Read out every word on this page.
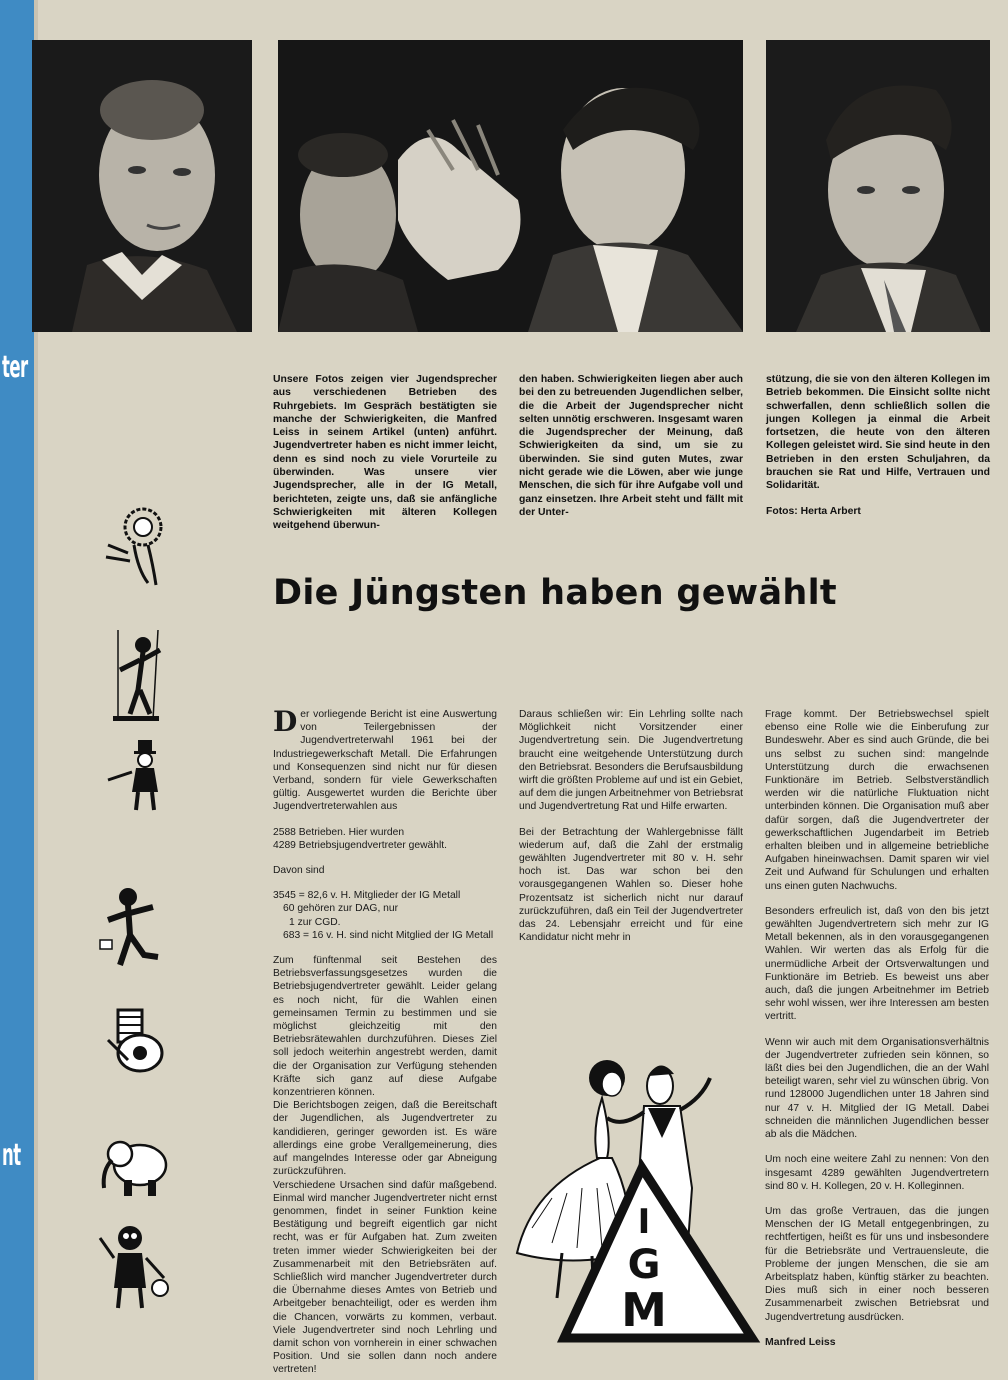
ter
nt
Unsere Fotos zeigen vier Jugendsprecher aus verschiedenen Betrieben des Ruhrgebiets. Im Gespräch bestätigten sie manche der Schwierigkeiten, die Manfred Leiss in seinem Artikel (unten) anführt. Jugendvertreter haben es nicht immer leicht, denn es sind noch zu viele Vorurteile zu überwinden. Was unsere vier Jugendsprecher, alle in der IG Metall, berichteten, zeigte uns, daß sie anfängliche Schwierigkeiten mit älteren Kollegen weitgehend überwun-
den haben. Schwierigkeiten liegen aber auch bei den zu betreuenden Jugendlichen selber, die die Arbeit der Jugendsprecher nicht selten unnötig erschweren. Insgesamt waren die Jugendsprecher der Meinung, daß Schwierigkeiten da sind, um sie zu überwinden. Sie sind guten Mutes, zwar nicht gerade wie die Löwen, aber wie junge Menschen, die sich für ihre Aufgabe voll und ganz einsetzen. Ihre Arbeit steht und fällt mit der Unter-
stützung, die sie von den älteren Kollegen im Betrieb bekommen. Die Einsicht sollte nicht schwerfallen, denn schließlich sollen die jungen Kollegen ja einmal die Arbeit fortsetzen, die heute von den älteren Kollegen geleistet wird. Sie sind heute in den Betrieben in den ersten Schuljahren, da brauchen sie Rat und Hilfe, Vertrauen und Solidarität.
Fotos: Herta Arbert
Die Jüngsten haben gewählt

Der vorliegende Bericht ist eine Auswertung von Teilergebnissen der Jugendvertreterwahl 1961 bei der Industriegewerkschaft Metall. Die Erfahrungen und Konsequenzen sind nicht nur für diesen Verband, sondern für viele Gewerkschaften gültig. Ausgewertet wurden die Berichte über Jugendvertreterwahlen aus

2588 Betrieben. Hier wurden

4289 Betriebsjugendvertreter gewählt.

Davon sind

3545 = 82,6 v. H. Mitglieder der IG Metall

60 gehören zur DAG, nur

1 zur CGD.

683 = 16 v. H. sind nicht Mitglied der IG Metall

Zum fünftenmal seit Bestehen des Betriebsverfassungsgesetzes wurden die Betriebsjugendvertreter gewählt. Leider gelang es noch nicht, für die Wahlen einen gemeinsamen Termin zu bestimmen und sie möglichst gleichzeitig mit den Betriebsrätewahlen durchzuführen. Dieses Ziel soll jedoch weiterhin angestrebt werden, damit die der Organisation zur Verfügung stehenden Kräfte sich ganz auf diese Aufgabe konzentrieren können.

Die Berichtsbogen zeigen, daß die Bereitschaft der Jugendlichen, als Jugendvertreter zu kandidieren, geringer geworden ist. Es wäre allerdings eine grobe Verallgemeinerung, dies auf mangelndes Interesse oder gar Abneigung zurückzuführen.

Verschiedene Ursachen sind dafür maßgebend. Einmal wird mancher Jugendvertreter nicht ernst genommen, findet in seiner Funktion keine Bestätigung und begreift eigentlich gar nicht recht, was er für Aufgaben hat. Zum zweiten treten immer wieder Schwierigkeiten bei der Zusammenarbeit mit den Betriebsräten auf. Schließlich wird mancher Jugendvertreter durch die Übernahme dieses Amtes von Betrieb und Arbeitgeber benachteiligt, oder es werden ihm die Chancen, vorwärts zu kommen, verbaut. Viele Jugendvertreter sind noch Lehrling und damit schon von vornherein in einer schwachen Position. Und sie sollen dann noch andere vertreten!

Daraus schließen wir: Ein Lehrling sollte nach Möglichkeit nicht Vorsitzender einer Jugendvertretung sein. Die Jugendvertretung braucht eine weitgehende Unterstützung durch den Betriebsrat. Besonders die Berufsausbildung wirft die größten Probleme auf und ist ein Gebiet, auf dem die jungen Arbeitnehmer von Betriebsrat und Jugendvertretung Rat und Hilfe erwarten.

Bei der Betrachtung der Wahlergebnisse fällt wiederum auf, daß die Zahl der erstmalig gewählten Jugendvertreter mit 80 v. H. sehr hoch ist. Das war schon bei den vorausgegangenen Wahlen so. Dieser hohe Prozentsatz ist sicherlich nicht nur darauf zurückzuführen, daß ein Teil der Jugendvertreter das 24. Lebensjahr erreicht und für eine Kandidatur nicht mehr in

Frage kommt. Der Betriebswechsel spielt ebenso eine Rolle wie die Einberufung zur Bundeswehr. Aber es sind auch Gründe, die bei uns selbst zu suchen sind: mangelnde Unterstützung durch die erwachsenen Funktionäre im Betrieb. Selbstverständlich werden wir die natürliche Fluktuation nicht unterbinden können. Die Organisation muß aber dafür sorgen, daß die Jugendvertreter der gewerkschaftlichen Jugendarbeit im Betrieb erhalten bleiben und in allgemeine betriebliche Aufgaben hineinwachsen. Damit sparen wir viel Zeit und Aufwand für Schulungen und erhalten uns einen guten Nachwuchs.

Besonders erfreulich ist, daß von den bis jetzt gewählten Jugendvertretern sich mehr zur IG Metall bekennen, als in den vorausgegangenen Wahlen. Wir werten das als Erfolg für die unermüdliche Arbeit der Ortsverwaltungen und Funktionäre im Betrieb. Es beweist uns aber auch, daß die jungen Arbeitnehmer im Betrieb sehr wohl wissen, wer ihre Interessen am besten vertritt.

Wenn wir auch mit dem Organisationsverhältnis der Jugendvertreter zufrieden sein können, so läßt dies bei den Jugendlichen, die an der Wahl beteiligt waren, sehr viel zu wünschen übrig. Von rund 128000 Jugendlichen unter 18 Jahren sind nur 47 v. H. Mitglied der IG Metall. Dabei schneiden die männlichen Jugendlichen besser ab als die Mädchen.

Um noch eine weitere Zahl zu nennen: Von den insgesamt 4289 gewählten Jugendvertretern sind 80 v. H. Kollegen, 20 v. H. Kolleginnen.

Um das große Vertrauen, das die jungen Menschen der IG Metall entgegenbringen, zu rechtfertigen, heißt es für uns und insbesondere für die Betriebsräte und Vertrauensleute, die Probleme der jungen Menschen, die sie am Arbeitsplatz haben, künftig stärker zu beachten. Dies muß sich in einer noch besseren Zusammenarbeit zwischen Betriebsrat und Jugendvertretung ausdrücken.

Manfred Leiss
I
G
M
